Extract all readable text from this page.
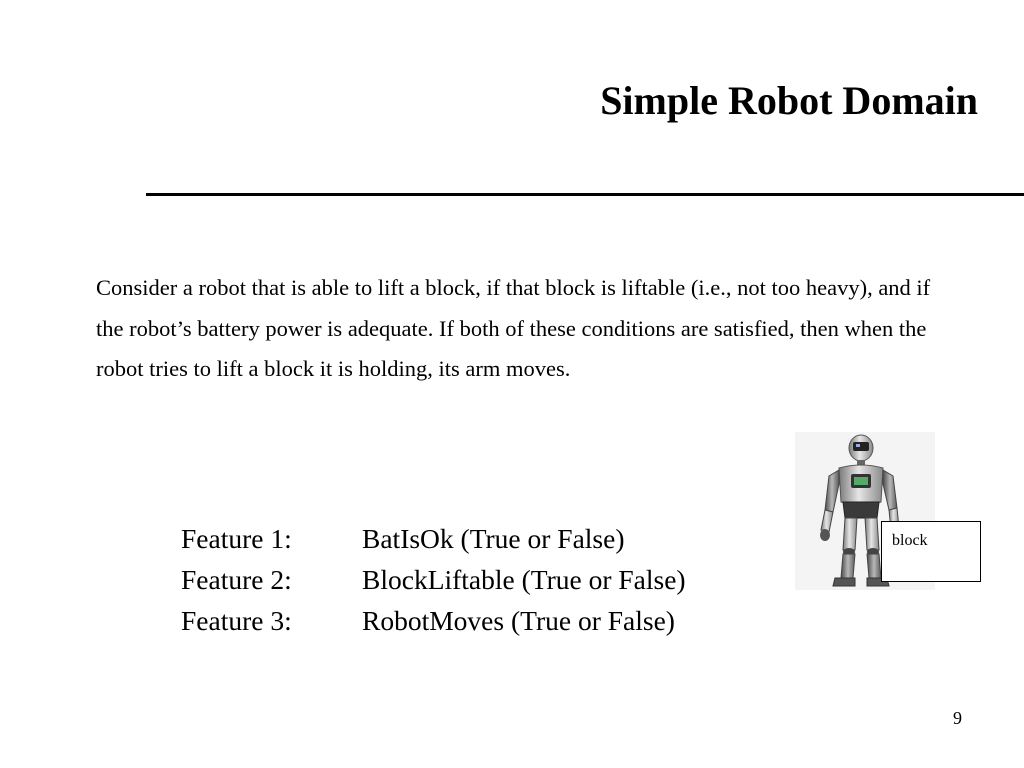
Simple Robot Domain

Consider a robot that is able to lift a block, if that block is liftable (i.e., not too heavy), and if the robot’s battery power is adequate. If both of these conditions are satisfied, then when the robot tries to lift a block it is holding, its arm moves.

Feature 1:	BatIsOk (True or False)
Feature 2:	BlockLiftable (True or False)
Feature 3:	RobotMoves (True or False)
block
9
